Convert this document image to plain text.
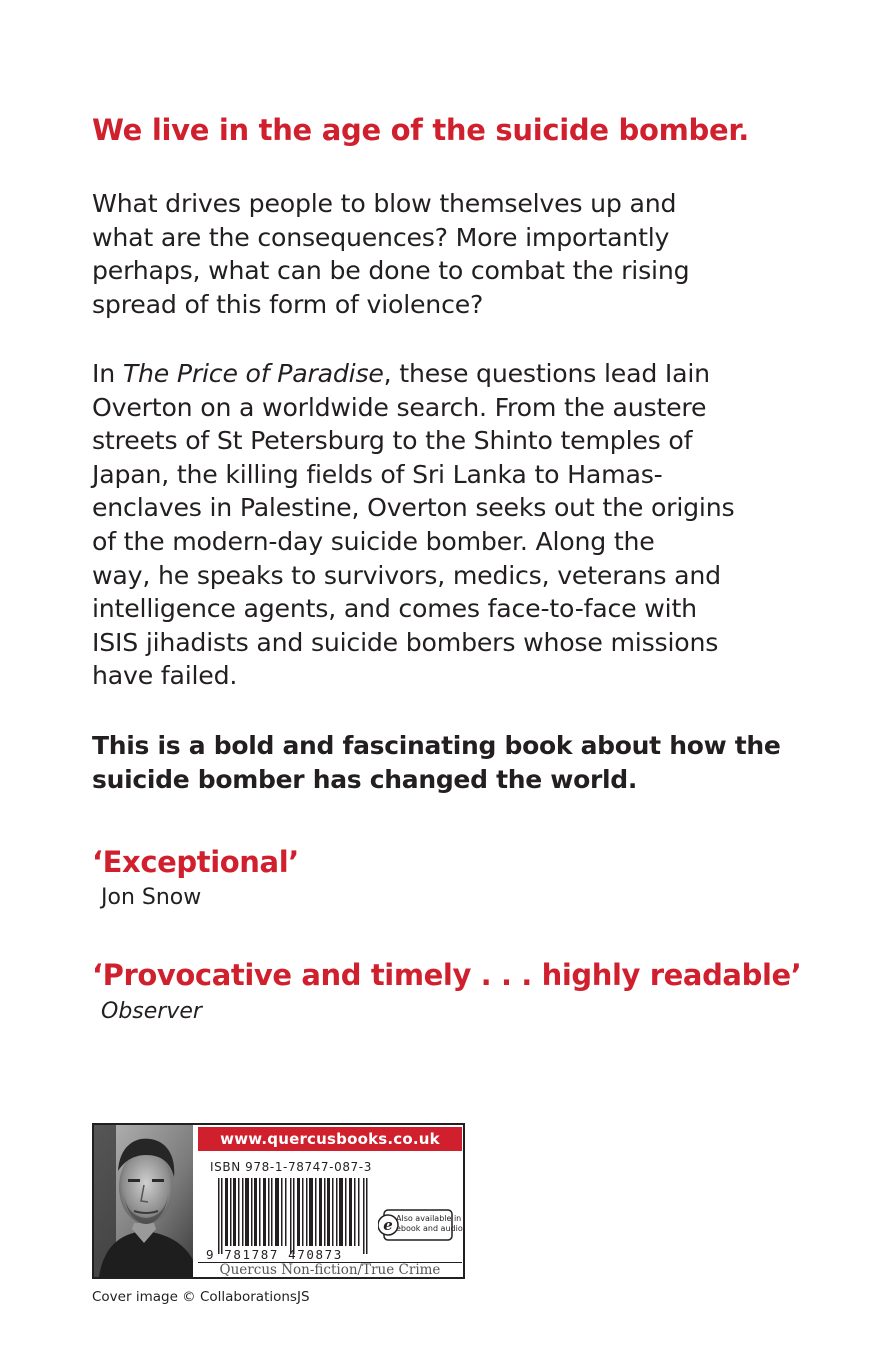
We live in the age of the suicide bomber.

What drives people to blow themselves up and
what are the consequences? More importantly
perhaps, what can be done to combat the rising
spread of this form of violence?

In The Price of Paradise, these questions lead Iain
Overton on a worldwide search. From the austere
streets of St Petersburg to the Shinto temples of
Japan, the killing fields of Sri Lanka to Hamas-
enclaves in Palestine, Overton seeks out the origins
of the modern-day suicide bomber. Along the
way, he speaks to survivors, medics, veterans and
intelligence agents, and comes face-to-face with
ISIS jihadists and suicide bombers whose missions
have failed.

This is a bold and fascinating book about how the
suicide bomber has changed the world.

‘Exceptional’

Jon Snow

‘Provocative and timely . . . highly readable’

Observer

www.quercusbooks.co.uk
ISBN 978-1-78747-087-3
9 781787 470873
e Also available in
ebook and audio
Quercus Non-fiction/True Crime

Cover image © CollaborationsJS
